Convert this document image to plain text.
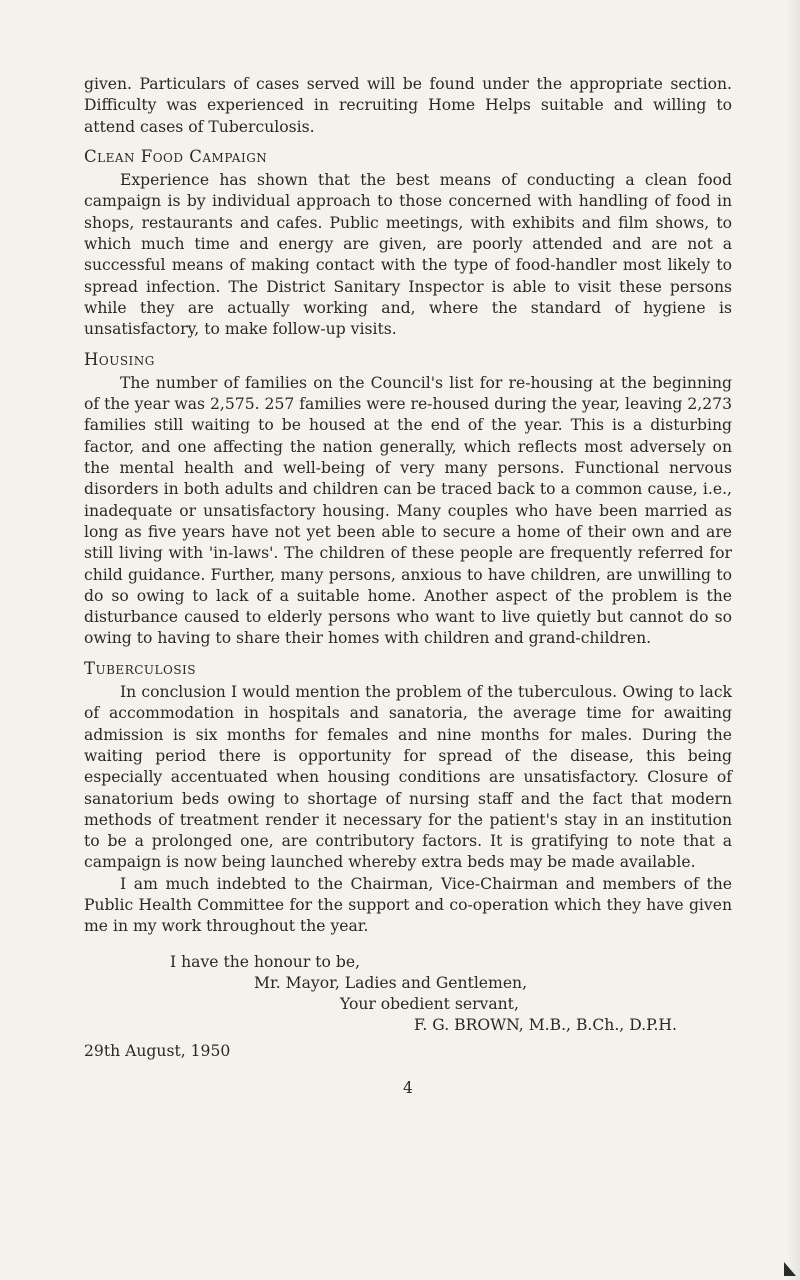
given. Particulars of cases served will be found under the appropriate section. Difficulty was experienced in recruiting Home Helps suitable and willing to attend cases of Tuberculosis.

Clean Food Campaign

Experience has shown that the best means of conducting a clean food campaign is by individual approach to those concerned with handling of food in shops, restaurants and cafes. Public meetings, with exhibits and film shows, to which much time and energy are given, are poorly attended and are not a successful means of making contact with the type of food-handler most likely to spread infection. The District Sanitary Inspector is able to visit these persons while they are actually working and, where the standard of hygiene is unsatisfactory, to make follow-up visits.

Housing

The number of families on the Council's list for re-housing at the beginning of the year was 2,575. 257 families were re-housed during the year, leaving 2,273 families still waiting to be housed at the end of the year. This is a disturbing factor, and one affecting the nation generally, which reflects most adversely on the mental health and well-being of very many persons. Functional nervous disorders in both adults and children can be traced back to a common cause, i.e., inadequate or unsatisfactory housing. Many couples who have been married as long as five years have not yet been able to secure a home of their own and are still living with 'in-laws'. The children of these people are frequently referred for child guidance. Further, many persons, anxious to have children, are unwilling to do so owing to lack of a suitable home. Another aspect of the problem is the disturbance caused to elderly persons who want to live quietly but cannot do so owing to having to share their homes with children and grand-children.

Tuberculosis

In conclusion I would mention the problem of the tuberculous. Owing to lack of accommodation in hospitals and sanatoria, the average time for awaiting admission is six months for females and nine months for males. During the waiting period there is opportunity for spread of the disease, this being especially accentuated when housing conditions are unsatisfactory. Closure of sanatorium beds owing to shortage of nursing staff and the fact that modern methods of treatment render it necessary for the patient's stay in an institution to be a prolonged one, are contributory factors. It is gratifying to note that a campaign is now being launched whereby extra beds may be made available.

I am much indebted to the Chairman, Vice-Chairman and members of the Public Health Committee for the support and co-operation which they have given me in my work throughout the year.

I have the honour to be,
Mr. Mayor, Ladies and Gentlemen,
Your obedient servant,
F. G. BROWN, M.B., B.Ch., D.P.H.
29th August, 1950
4
